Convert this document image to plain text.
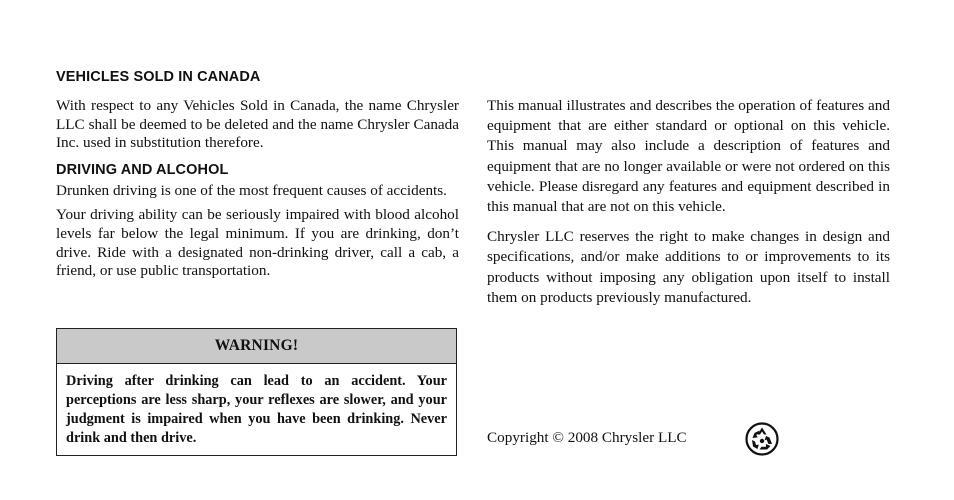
VEHICLES SOLD IN CANADA

With respect to any Vehicles Sold in Canada, the name Chrysler LLC shall be deemed to be deleted and the name Chrysler Canada Inc. used in substitution therefore.

DRIVING AND ALCOHOL

Drunken driving is one of the most frequent causes of accidents.

Your driving ability can be seriously impaired with blood alcohol levels far below the legal minimum. If you are drinking, don’t drive. Ride with a designated non-drinking driver, call a cab, a friend, or use public transportation.

WARNING!
Driving after drinking can lead to an accident. Your perceptions are less sharp, your reflexes are slower, and your judgment is impaired when you have been drinking. Never drink and then drive.

This manual illustrates and describes the operation of features and equipment that are either standard or optional on this vehicle. This manual may also include a description of features and equipment that are no longer available or were not ordered on this vehicle. Please disregard any features and equipment described in this manual that are not on this vehicle.

Chrysler LLC reserves the right to make changes in design and specifications, and/or make additions to or improvements to its products without imposing any obligation upon itself to install them on products previously manufactured.

Copyright © 2008 Chrysler LLC
